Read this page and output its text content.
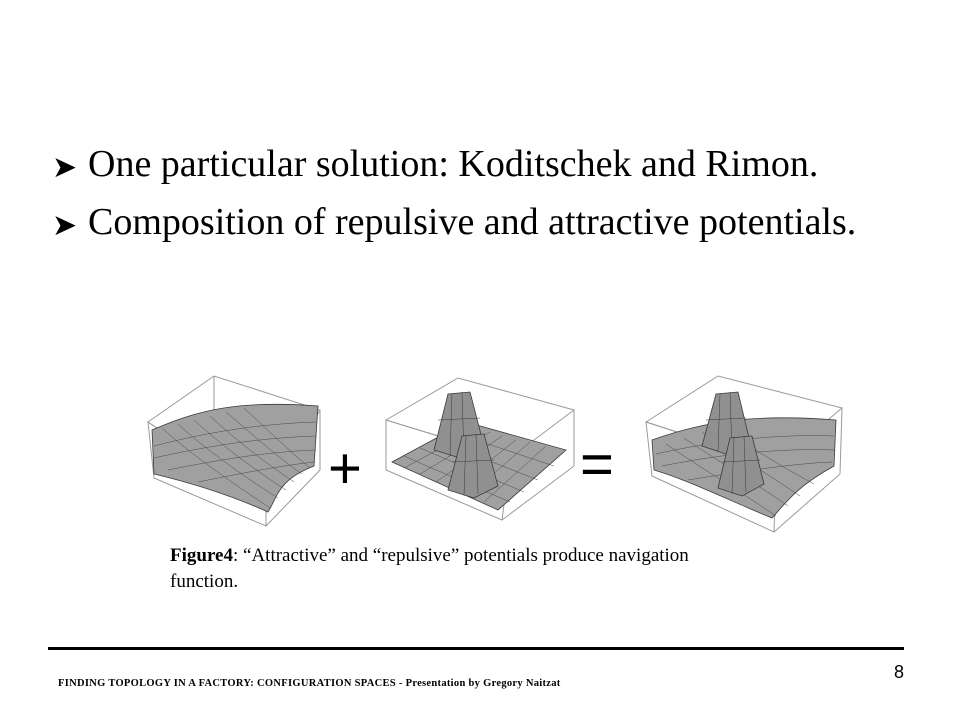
➤ One particular solution: Koditschek and Rimon.
➤ Composition of repulsive and attractive potentials.
+	=
Figure4: “Attractive” and “repulsive” potentials produce navigation function.
FINDING TOPOLOGY IN A FACTORY: CONFIGURATION SPACES - Presentation by Gregory Naitzat
8
